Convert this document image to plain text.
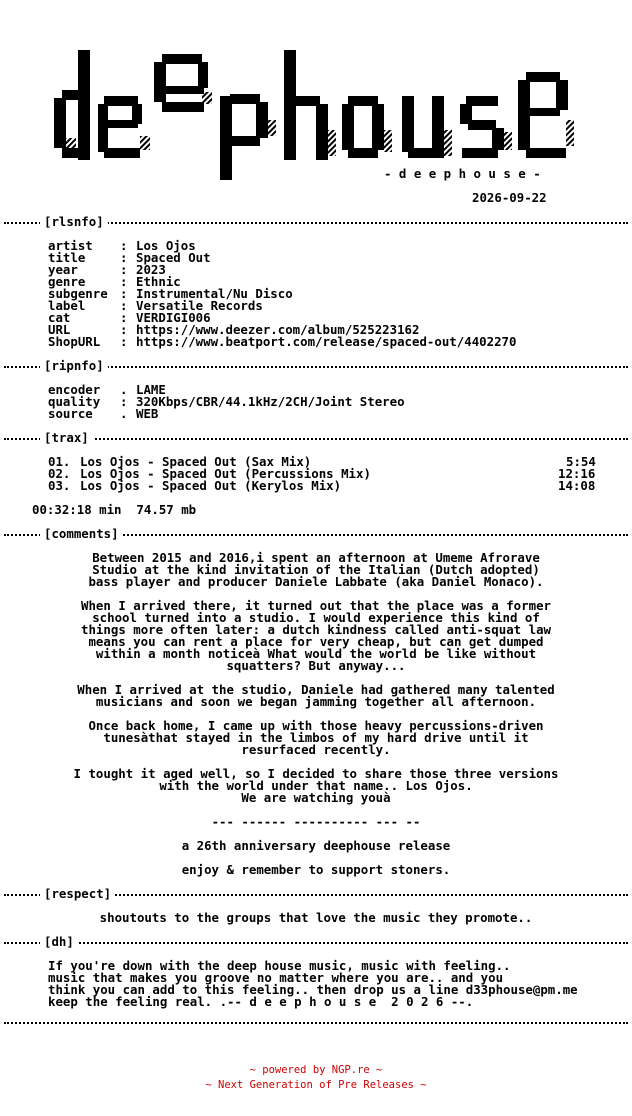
- d e e p h o u s e -
2026-09-22
[rlsnfo]
artist : Los Ojos
title	: Spaced Out
year	: 2023
genre	: Ethnic
subgenre : Instrumental/Nu Disco
label	: Versatile Records
cat	: VERDIGI006
URL	: https://www.deezer.com/album/525223162
ShopURL : https://www.beatport.com/release/spaced-out/4402270
[ripnfo]
encoder . LAME
quality : 320Kbps/CBR/44.1kHz/2CH/Joint Stereo
source . WEB
[trax]
01. Los Ojos - Spaced Out (Sax Mix)	5:54
02. Los Ojos - Spaced Out (Percussions Mix)	12:16
03. Los Ojos - Spaced Out (Kerylos Mix)	14:08
00:32:18 min  74.57 mb
[comments]
Between 2015 and 2016,i spent an afternoon at Umeme Afrorave
Studio at the kind invitation of the Italian (Dutch adopted)
bass player and producer Daniele Labbate (aka Daniel Monaco).
When I arrived there, it turned out that the place was a former
school turned into a studio. I would experience this kind of
things more often later: a dutch kindness called anti-squat law
means you can rent a place for very cheap, but can get dumped
within a month noticeà What would the world be like without
squatters? But anyway...
When I arrived at the studio, Daniele had gathered many talented
musicians and soon we began jamming together all afternoon.
Once back home, I came up with those heavy percussions-driven
tunesàthat stayed in the limbos of my hard drive until it
resurfaced recently.
I tought it aged well, so I decided to share those three versions
with the world under that name.. Los Ojos.
We are watching youà
--- ------ ---------- --- --
a 26th anniversary deephouse release
enjoy & remember to support stoners.
[respect]
shoutouts to the groups that love the music they promote..
[dh]
If you're down with the deep house music, music with feeling..
music that makes you groove no matter where you are.. and you
think you can add to this feeling.. then drop us a line d33phouse@pm.me
keep the feeling real. .-- d e e p h o u s e  2 0 2 6 --.
~ powered by NGP.re ~
~ Next Generation of Pre Releases ~
